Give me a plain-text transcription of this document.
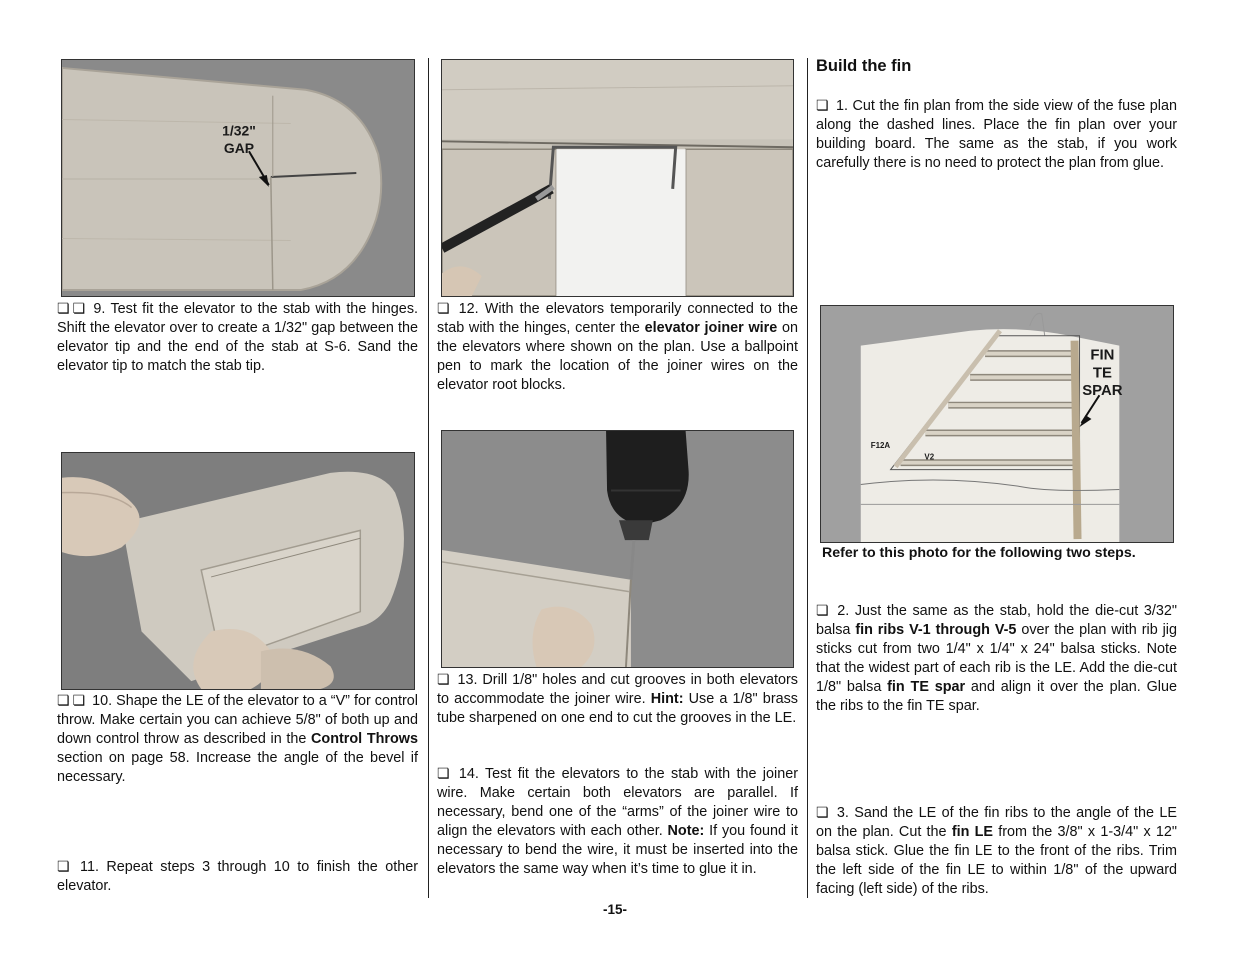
1/32"
GAP
❏ ❏ 9. Test fit the elevator to the stab with the hinges. Shift the elevator over to create a 1/32" gap between the elevator tip and the end of the stab at S-6. Sand the elevator tip to match the stab tip.
❏ ❏ 10. Shape the LE of the elevator to a “V” for control throw. Make certain you can achieve 5/8" of both up and down control throw as described in the Control Throws section on page 58. Increase the angle of the bevel if necessary.
❏ 11. Repeat steps 3 through 10 to finish the other elevator.
❏ 12. With the elevators temporarily connected to the stab with the hinges, center the elevator joiner wire on the elevators where shown on the plan. Use a ballpoint pen to mark the location of the joiner wires on the elevator root blocks.
❏ 13. Drill 1/8" holes and cut grooves in both elevators to accommodate the joiner wire. Hint: Use a 1/8" brass tube sharpened on one end to cut the grooves in the LE.
❏ 14. Test fit the elevators to the stab with the joiner wire. Make certain both elevators are parallel. If necessary, bend one of the “arms” of the joiner wire to align the elevators with each other. Note: If you found it necessary to bend the wire, it must be inserted into the elevators the same way when it’s time to glue it in.
Build the fin
❏ 1. Cut the fin plan from the side view of the fuse plan along the dashed lines. Place the fin plan over your building board. The same as the stab, if you work carefully there is no need to protect the plan from glue.
FIN
TE
SPAR
F12A
V2
Refer to this photo for the following two steps.
❏ 2. Just the same as the stab, hold the die-cut 3/32" balsa fin ribs V-1 through V-5 over the plan with rib jig sticks cut from two 1/4" x 1/4" x 24" balsa sticks. Note that the widest part of each rib is the LE. Add the die-cut 1/8" balsa fin TE spar and align it over the plan. Glue the ribs to the fin TE spar.
❏ 3. Sand the LE of the fin ribs to the angle of the LE on the plan. Cut the fin LE from the 3/8" x 1-3/4" x 12" balsa stick. Glue the fin LE to the front of the ribs. Trim the left side of the fin LE to within 1/8" of the upward facing (left side) of the ribs.
-15-
